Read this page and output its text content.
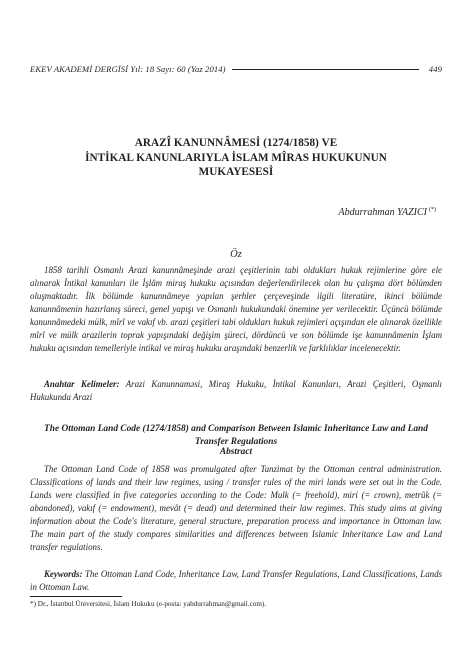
EKEV AKADEMİ DERGİSİ Yıl: 18 Sayı: 60 (Yaz 2014)	449
ARAZÎ KANUNNÂMESİ (1274/1858) VE
İNTİKAL KANUNLARIYLA İSLAM MÎRAS HUKUKUNUN
MUKAYESESİ
Abdurrahman YAZICI (*)
Öz

1858 tarihli Osmanlı Arazi kanunnâmeşinde arazi çeşitlerinin tabi oldukları hukuk rejimlerine göre ele alınarak İntikal kanunları ile İşlâm miraş hukuku açısından değerlendirilecek olan bu çalışma dört bölümden oluşmaktadır. İlk bölümde kanunnâmeye yapılan şerhler çerçeveşinde ilgili literatüre, ikinci bölümde kanunnâmenin hazırlanış süreci, genel yapışı ve Osmanlı hukukundaki önemine yer verilecektir. Üçüncü bölümde kanunnâmedeki mülk, mîrî ve vakıf vb. arazi çeşitleri tabi oldukları hukuk rejimleri açışından ele alınarak özellikle mîrî ve mülk arazilerin toprak yapışındaki değişim şüreci, dördüncü ve son bölümde işe kanunnâmenin İşlam hukuku açısından temelleriyle intikal ve miraş hukuku araşındaki benzerlik ve farklılıklar incelenecektir.

Anahtar Kelimeler: Arazi Kanunnaməsi, Miraş Hukuku, İntikal Kanunları, Arazi Çeşitleri, Oşmanlı Hukukunda Arazi

The Ottoman Land Code (1274/1858) and Comparison Between Islamic Inheritance Law and Land Transfer Regulations
Abstract

The Ottoman Land Code of 1858 was promulgated after Tanzimat by the Ottoman central administration. Classifications of lands and their law regimes, using / transfer rules of the miri lands were set out in the Code. Lands were classified in five categories according to the Code: Mulk (= freehold), miri (= crown), metrûk (= abandoned), vakıf (= endowment), mevât (= dead) and determined their law regimes. This study aims at giving information about the Code's literature, general structure, preparation process and importance in Ottoman law. The main part of the study compares similarities and differences between Islamic Inheritance Law and Land transfer regulations.

Keywords: The Ottoman Land Code, Inheritance Law, Land Transfer Regulations, Land Classifications, Lands in Ottoman Law.

*) Dr., İstanbul Üniversitesi, İslam Hukuku (e-posta: yabdurrahman@gmail.com).
